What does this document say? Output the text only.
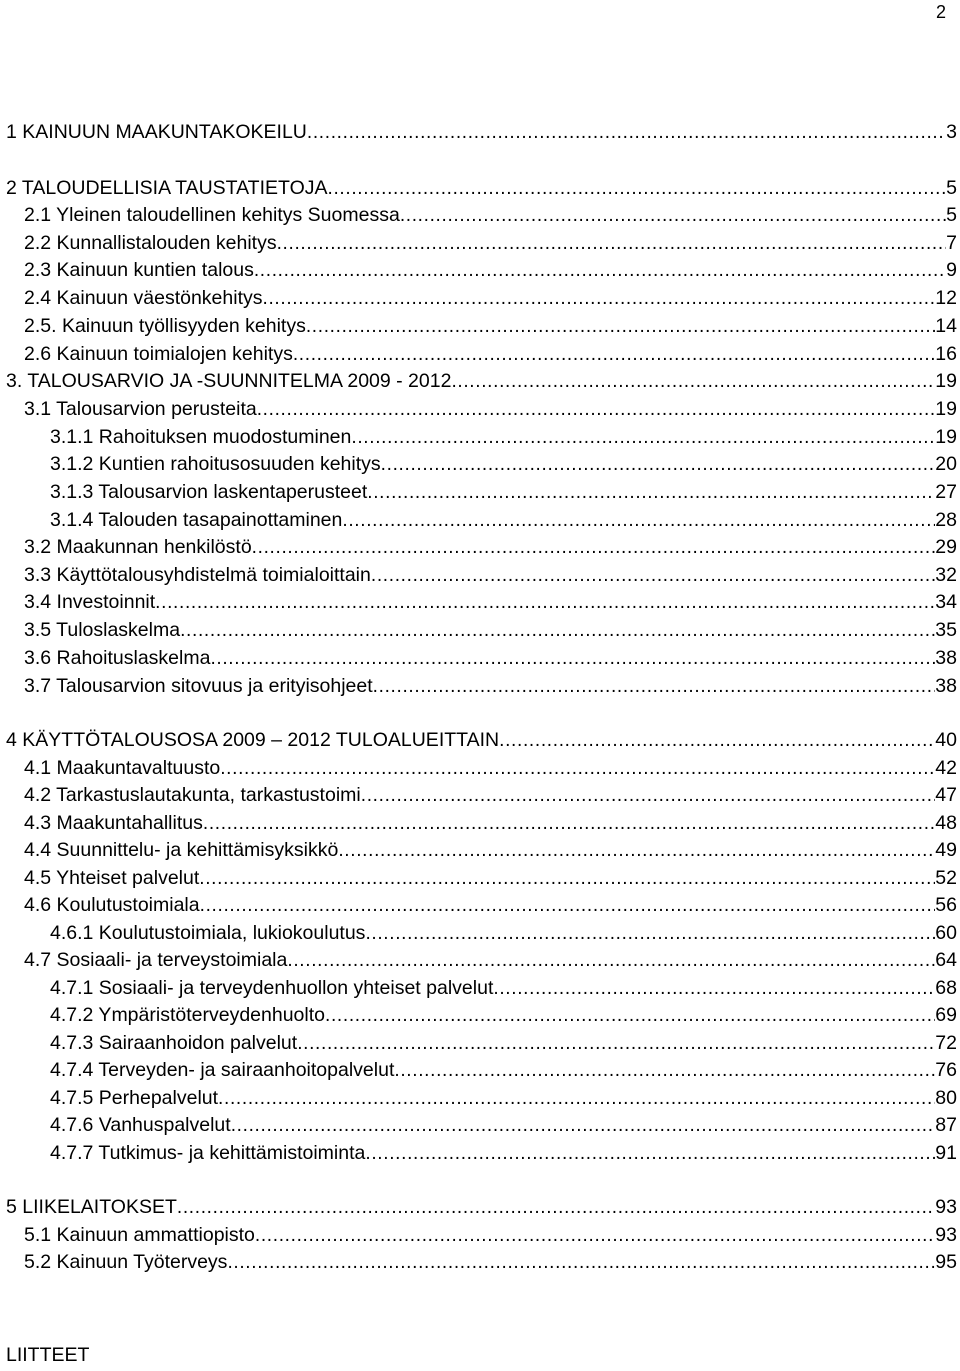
2
1 KAINUUN MAAKUNTAKOKEILU . . .	3
2 TALOUDELLISIA TAUSTATIETOJA . . .	5
2.1 Yleinen taloudellinen kehitys Suomessa . . .	5
2.2 Kunnallistalouden kehitys . . .	7
2.3 Kainuun kuntien talous . . .	9
2.4 Kainuun väestönkehitys . . .	12
2.5. Kainuun työllisyyden kehitys . . .	14
2.6 Kainuun toimialojen kehitys . . .	16
3. TALOUSARVIO JA -SUUNNITELMA 2009 - 2012 . . .	19
3.1 Talousarvion perusteita . . .	19
3.1.1 Rahoituksen muodostuminen . . .	19
3.1.2 Kuntien rahoitusosuuden kehitys . . .	20
3.1.3 Talousarvion laskentaperusteet . . .	27
3.1.4 Talouden tasapainottaminen . . .	28
3.2 Maakunnan henkilöstö . . .	29
3.3 Käyttötalousyhdistelmä toimialoittain . . .	32
3.4 Investoinnit . . .	34
3.5 Tuloslaskelma . . .	35
3.6 Rahoituslaskelma . . .	38
3.7 Talousarvion sitovuus ja erityisohjeet . . .	38
4 KÄYTTÖTALOUSOSA 2009 – 2012 TULOALUEITTAIN . . .	40
4.1 Maakuntavaltuusto . . .	42
4.2 Tarkastuslautakunta, tarkastustoimi . . .	47
4.3 Maakuntahallitus . . .	48
4.4 Suunnittelu- ja kehittämisyksikkö . . .	49
4.5 Yhteiset palvelut . . .	52
4.6 Koulutustoimiala . . .	56
4.6.1 Koulutustoimiala, lukiokoulutus . . .	60
4.7 Sosiaali- ja terveystoimiala . . .	64
4.7.1 Sosiaali- ja terveydenhuollon yhteiset palvelut . . .	68
4.7.2 Ympäristöterveydenhuolto . . .	69
4.7.3 Sairaanhoidon palvelut . . .	72
4.7.4 Terveyden- ja sairaanhoitopalvelut . . .	76
4.7.5 Perhepalvelut . . .	80
4.7.6 Vanhuspalvelut . . .	87
4.7.7 Tutkimus- ja kehittämistoiminta . . .	91
5 LIIKELAITOKSET . . .	93
5.1 Kainuun ammattiopisto . . .	93
5.2 Kainuun Työterveys . . .	95
LIITTEET
